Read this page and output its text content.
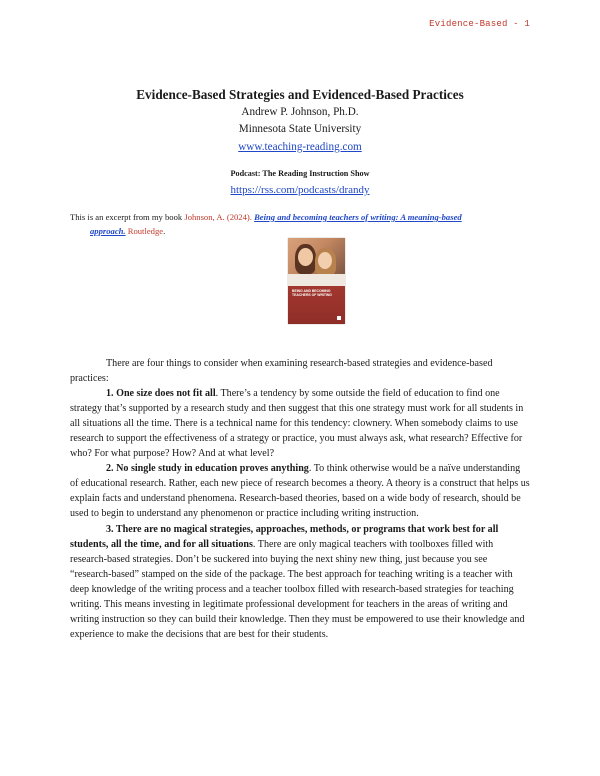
Evidence-Based - 1
Evidence-Based Strategies and Evidenced-Based Practices
Andrew P. Johnson, Ph.D.
Minnesota State University
www.teaching-reading.com
Podcast: The Reading Instruction Show
https://rss.com/podcasts/drandy
This is an excerpt from my book Johnson, A. (2024). Being and becoming teachers of writing: A meaning-based
approach. Routledge.
BEING AND BECOMING
TEACHERS OF WRITING

There are four things to consider when examining research-based strategies and evidence-based practices:

1. One size does not fit all. There’s a tendency by some outside the field of education to find one strategy that’s supported by a research study and then suggest that this one strategy must work for all students in all situations all the time. There is a technical name for this tendency: clownery. When somebody claims to use research to support the effectiveness of a strategy or practice, you must always ask, what research? Effective for who? For what purpose? How? And at what level?

2. No single study in education proves anything. To think otherwise would be a naïve understanding of educational research. Rather, each new piece of research becomes a theory. A theory is a construct that helps us explain facts and understand phenomena. Research-based theories, based on a wide body of research, should be used to begin to understand any phenomenon or practice including writing instruction.

3. There are no magical strategies, approaches, methods, or programs that work best for all students, all the time, and for all situations. There are only magical teachers with toolboxes filled with research-based strategies. Don’t be suckered into buying the next shiny new thing, just because you see “research-based” stamped on the side of the package. The best approach for teaching writing is a teacher with deep knowledge of the writing process and a teacher toolbox filled with research-based strategies for teaching writing. This means investing in legitimate professional development for teachers in the areas of writing and writing instruction so they can build their knowledge. Then they must be empowered to use their knowledge and experience to make the decisions that are best for their students.
